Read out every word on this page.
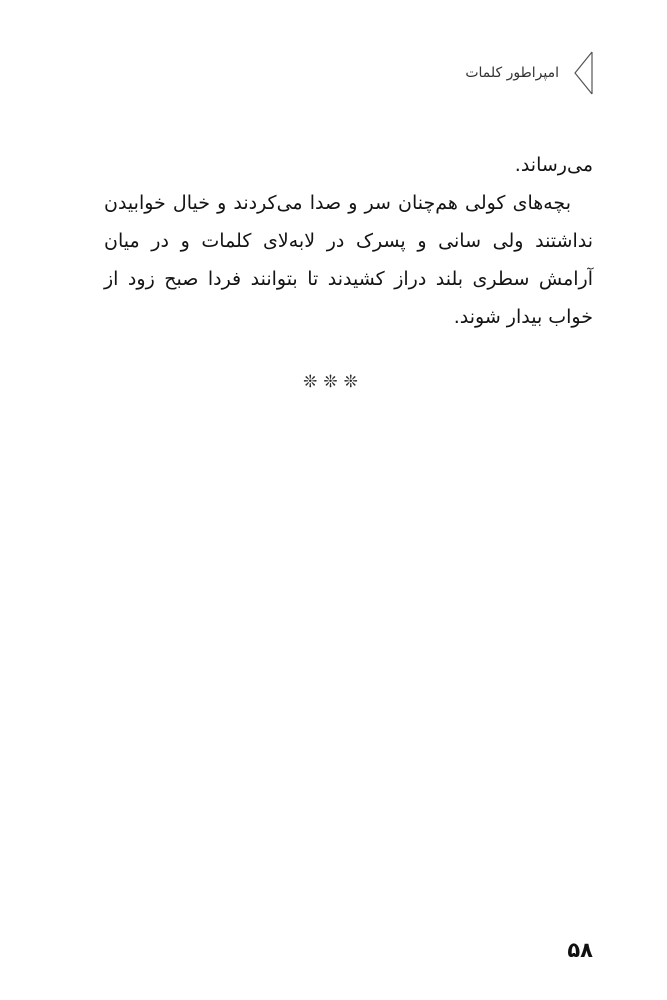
امپراطور کلمات

می‌رساند.

بچه‌های کولی هم‌چنان سر و صدا می‌کردند و خیال خوابیدن نداشتند ولی سانی و پسرک در لابه‌لای کلمات و در میان آرامش سطری بلند دراز کشیدند تا بتوانند فردا صبح زود از خواب بیدار شوند.

❊❊❊
۵۸
